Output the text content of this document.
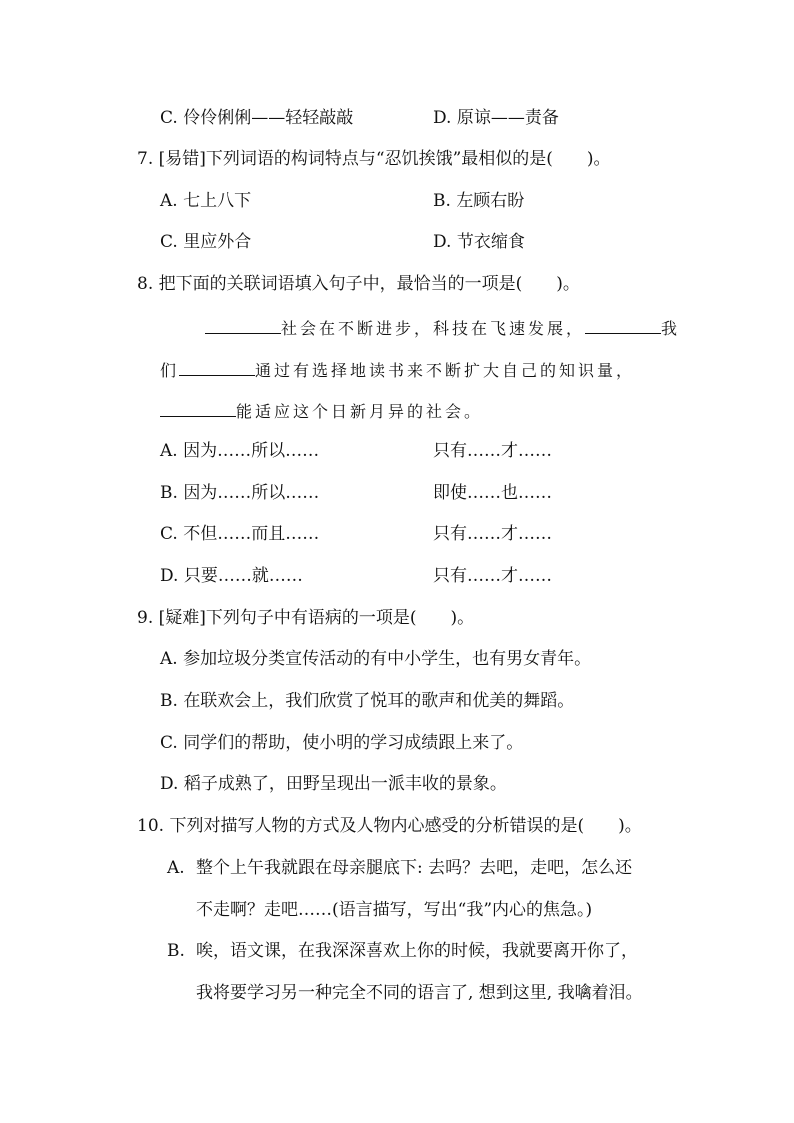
C. 伶伶俐俐——轻轻敲敲	D. 原谅——责备
7. [易错]下列词语的构词特点与“忍饥挨饿”最相似的是(　　)。
A. 七上八下	B. 左顾右盼
C. 里应外合	D. 节衣缩食
8. 把下面的关联词语填入句子中，最恰当的一项是(　　)。
社会在不断进步，科技在飞速发展，	我
们	通过有选择地读书来不断扩大自己的知识量，
能适应这个日新月异的社会。
A. 因为……所以……	只有……才……
B. 因为……所以……	即使……也……
C. 不但……而且……	只有……才……
D. 只要……就……	只有……才……
9. [疑难]下列句子中有语病的一项是(　　)。
A. 参加垃圾分类宣传活动的有中小学生，也有男女青年。
B. 在联欢会上，我们欣赏了悦耳的歌声和优美的舞蹈。
C. 同学们的帮助，使小明的学习成绩跟上来了。
D. 稻子成熟了，田野呈现出一派丰收的景象。
10. 下列对描写人物的方式及人物内心感受的分析错误的是(　　)。
A. 整个上午我就跟在母亲腿底下: 去吗？去吧，走吧，怎么还
不走啊？走吧……(语言描写，写出“我”内心的焦急。)
B. 唉，语文课，在我深深喜欢上你的时候，我就要离开你了，
我将要学习另一种完全不同的语言了, 想到这里, 我噙着泪。
